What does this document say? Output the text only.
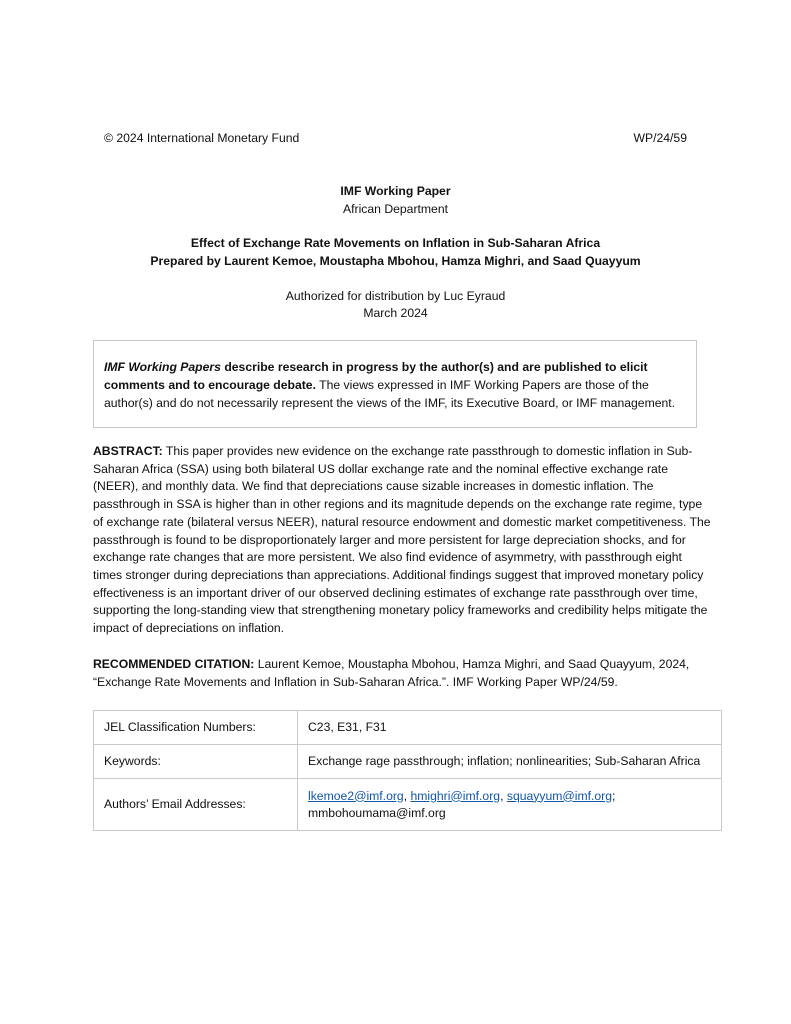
© 2024 International Monetary Fund	WP/24/59
IMF Working Paper
African Department
Effect of Exchange Rate Movements on Inflation in Sub-Saharan Africa
Prepared by Laurent Kemoe, Moustapha Mbohou, Hamza Mighri, and Saad Quayyum
Authorized for distribution by Luc Eyraud
March 2024

IMF Working Papers describe research in progress by the author(s) and are published to elicit comments and to encourage debate. The views expressed in IMF Working Papers are those of the author(s) and do not necessarily represent the views of the IMF, its Executive Board, or IMF management.

ABSTRACT: This paper provides new evidence on the exchange rate passthrough to domestic inflation in Sub-Saharan Africa (SSA) using both bilateral US dollar exchange rate and the nominal effective exchange rate (NEER), and monthly data. We find that depreciations cause sizable increases in domestic inflation. The passthrough in SSA is higher than in other regions and its magnitude depends on the exchange rate regime, type of exchange rate (bilateral versus NEER), natural resource endowment and domestic market competitiveness. The passthrough is found to be disproportionately larger and more persistent for large depreciation shocks, and for exchange rate changes that are more persistent. We also find evidence of asymmetry, with passthrough eight times stronger during depreciations than appreciations. Additional findings suggest that improved monetary policy effectiveness is an important driver of our observed declining estimates of exchange rate passthrough over time, supporting the long-standing view that strengthening monetary policy frameworks and credibility helps mitigate the impact of depreciations on inflation.

RECOMMENDED CITATION: Laurent Kemoe, Moustapha Mbohou, Hamza Mighri, and Saad Quayyum, 2024, “Exchange Rate Movements and Inflation in Sub-Saharan Africa.”. IMF Working Paper WP/24/59.

JEL Classification Numbers:	C23, E31, F31
Keywords:	Exchange rage passthrough; inflation; nonlinearities; Sub-Saharan Africa
Authors’ Email Addresses:	lkemoe2@imf.org, hmighri@imf.org, squayyum@imf.org;
mmbohoumama@imf.org
